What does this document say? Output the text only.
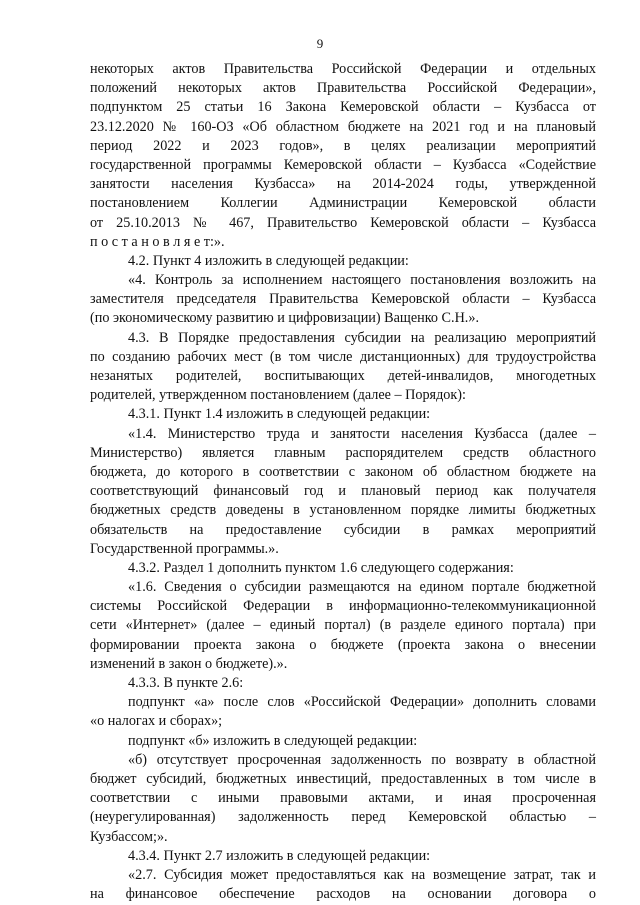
9
некоторых актов Правительства Российской Федерации и отдельных
положений некоторых актов Правительства Российской Федерации»,
подпунктом 25 статьи 16 Закона Кемеровской области – Кузбасса от
23.12.2020 № 160-ОЗ «Об областном бюджете на 2021 год и на плановый
период 2022 и 2023 годов», в целях реализации мероприятий
государственной программы Кемеровской области – Кузбасса «Содействие
занятости населения Кузбасса» на 2014-2024 годы, утвержденной
постановлением Коллегии Администрации Кемеровской области
от 25.10.2013 № 467, Правительство Кемеровской области – Кузбасса
п о с т а н о в л я е т:».
4.2. Пункт 4 изложить в следующей редакции:
«4. Контроль за исполнением настоящего постановления возложить на
заместителя председателя Правительства Кемеровской области – Кузбасса
(по экономическому развитию и цифровизации) Ващенко С.Н.».
4.3. В Порядке предоставления субсидии на реализацию мероприятий
по созданию рабочих мест (в том числе дистанционных) для трудоустройства
незанятых родителей, воспитывающих детей-инвалидов, многодетных
родителей, утвержденном постановлением (далее – Порядок):
4.3.1. Пункт 1.4 изложить в следующей редакции:
«1.4. Министерство труда и занятости населения Кузбасса (далее –
Министерство) является главным распорядителем средств областного
бюджета, до которого в соответствии с законом об областном бюджете на
соответствующий финансовый год и плановый период как получателя
бюджетных средств доведены в установленном порядке лимиты бюджетных
обязательств на предоставление субсидии в рамках мероприятий
Государственной программы.».
4.3.2. Раздел 1 дополнить пунктом 1.6 следующего содержания:
«1.6. Сведения о субсидии размещаются на едином портале бюджетной
системы Российской Федерации в информационно-телекоммуникационной
сети «Интернет» (далее – единый портал) (в разделе единого портала) при
формировании проекта закона о бюджете (проекта закона о внесении
изменений в закон о бюджете).».
4.3.3. В пункте 2.6:
подпункт «а» после слов «Российской Федерации» дополнить словами
«о налогах и сборах»;
подпункт «б» изложить в следующей редакции:
«б) отсутствует просроченная задолженность по возврату в областной
бюджет субсидий, бюджетных инвестиций, предоставленных в том числе в
соответствии с иными правовыми актами, и иная просроченная
(неурегулированная) задолженность перед Кемеровской областью –
Кузбассом;».
4.3.4. Пункт 2.7 изложить в следующей редакции:
«2.7. Субсидия может предоставляться как на возмещение затрат, так и
на финансовое обеспечение расходов на основании договора о
